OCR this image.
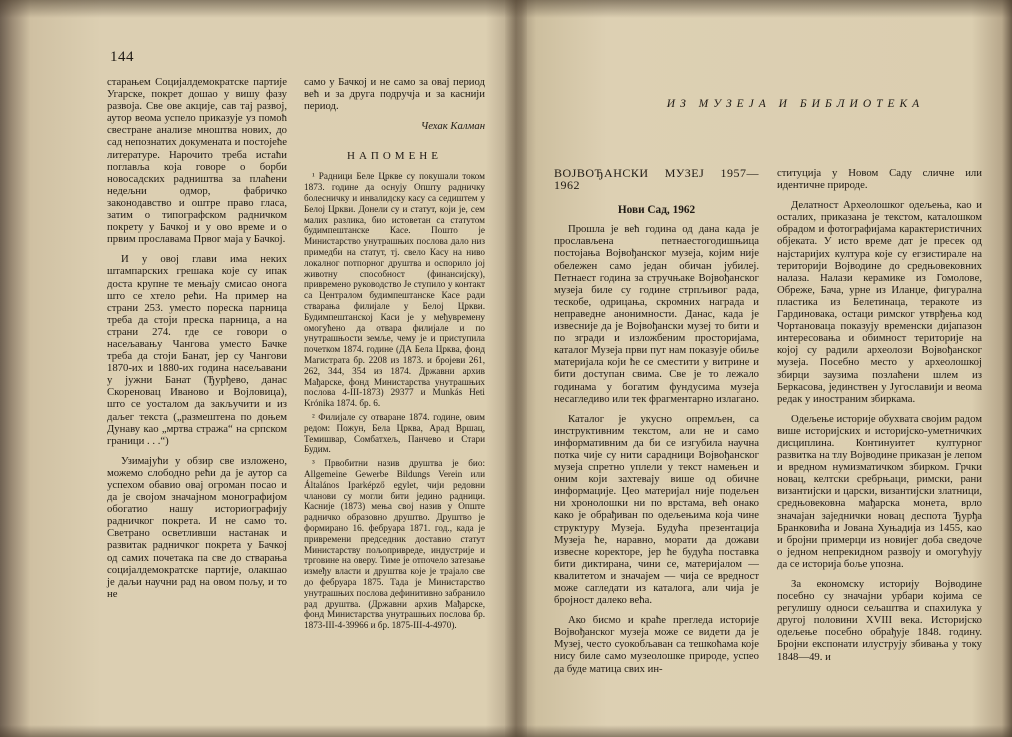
144

старањем Социјалдемократске партије Угарске, покрет дошао у вишу фазу развоја. Све ове акције, сав тај развој, аутор веома успело приказује уз помоћ свестране анализе мноштва нових, до сад непознатих докумената и постојеће литературе. Нарочито треба истаћи поглавља која говоре о борби новосадских радништва за плаћени недељни одмор, фабричко законодавство и оштре право гласа, затим о типографском радничком покрету у Бачкој и у ово време и о првим прославама Првог маја у Бачкој.

И у овој глави има неких штампарских грешака које су ипак доста крупне те мењају смисао онога што се хтело рећи. На пример на страни 253. уместо пореска парница треба да стоји преска парница, а на страни 274. где се говори о насељавању Чангова уместо Бачке треба да стоји Банат, јер су Чангови 1870-их и 1880-их година насељавани у јужни Банат (Ђурђево, данас Скореновац Иваново и Војловица), што се уосталом да закључити и из даљег текста („размештена по доњем Дунаву као „мртва стража“ на српском граници . . .“)

Узимајући у обзир све изложено, можемо слободно рећи да је аутор са успехом обавио овај огроман посао и да је својом значајном монографијом обогатио нашу историографију радничког покрета. И не само то. Светрано осветливши настанак и развитак радничког покрета у Бачкој од самих почетака па све до стварања социјалдемократске партије, олакшао је даљи научни рад на овом пољу, и то не

само у Бачкој и не само за овај период већ и за друга подручја и за каснији период.

Чехак Калман
НАПОМЕНЕ

¹ Радници Беле Цркве су покушали током 1873. године да оснују Општу радничку болесничку и инвалидску касу са седиштем у Белој Цркви. Донели су и статут, који је, сем малих разлика, био истоветан са статутом будимпештанске Касе. Пошто је Министарство унутрашњих послова дало низ примедби на статут, тј. свело Касу на ниво локалног потпорног друштва и оспорило јој животну способност (финансијску), привремено руководство Је ступило у контакт са Централом будимпештанске Касе ради стварања филијале у Белој Цркви. Будимпештанској Каси је у међувремену омогућено да отвара филијале и по унутрашњости земље, чему је и приступила почетком 1874. године (ДА Бела Црква, фонд Магистрата бр. 2208 из 1873. и бројеви 261, 262, 344, 354 из 1874. Државни архив Мађарске, фонд Министарства унутрашњих послова 4-III-1873) 29377 и Munkás Heti Krónika 1874. бр. 6.

² Филијале су отваране 1874. године, овим редом: Пожун, Бела Црква, Арад Вршац, Темишвар, Сомбатхељ, Панчево и Стари Будим.

³ Првобитни назив друштва је био: Allgemeine Gewerbe Bildungs Verein или Általános Iparképző egylet, чији редовни чланови су могли бити једино радници. Касније (1873) мења свој назив у Опште радничко образовно друштво. Друштво је формирано 16. фебруара 1871. год., када је привремени председник доставио статут Министарству пољопривреде, индустрије и трговине на оверу. Тиме је отпочело затезање између власти и друштва које је трајало све до фебруара 1875. Тада је Министарство унутрашњих послова дефинитивно забранило рад друштва. (Државни архив Мађарске, фонд Министарства унутрашњих послова бр. 1873-III-4-39966 и бр. 1875-III-4-4970).

ИЗ МУЗЕЈА И БИБЛИОТЕКА
ВОЈВОЂАНСКИ МУЗЕЈ 1957—1962
Нови Сад, 1962

Прошла је већ година од дана када је прослављена петнаестогодишњица постојања Војвођанског музеја, којим није обележен само један обичан јубилеј. Петнаест година за стручњаке Војвођанског музеја биле су године стрпљивог рада, тескобе, одрицања, скромних награда и неправедне анонимности. Данас, када је извесније да је Војвођански музеј то бити и по згради и изложбеним просторијама, каталог Музеја први пут нам показује обиље материјала који ће се сместити у витрине и бити доступан свима. Све је то лежало годинама у богатим фундусима музеја несагледиво или тек фрагментарно излагано.

Каталог је укусно опремљен, са инструктивним текстом, али не и само информативним да би се изгубила научна потка чије су нити сарадници Војвођанског музеја спретно уплели у текст намењен и оним који захтевају више од обичне информације. Цео материјал није подељен ни хронолошки ни по врстама, већ онако како је обрађиван по одељењима која чине структуру Музеја. Будућа презентација Музеја ће, наравно, морати да дожави извесне коректоре, јер ће будућа поставка бити диктирана, чини се, материјалом — квалитетом и значајем — чија се вредност може сагледати из каталога, али чија је бројност далеко већа.

Ако бисмо и краће прегледа историје Војвођанског музеја може се видети да је Музеј, често суокобљаван са тешкоћама које нису биле само музеолошке природе, успео да буде матица свих ин-

ституција у Новом Саду сличне или идентичне природе.

Делатност Археолошког одељења, као и осталих, приказана је текстом, каталошком обрадом и фотографијама карактеристичних објеката. У исто време дат је пресек од најстаријих култура које су егзистирале на територији Војводине до средњовековних налаза. Налази керамике из Гомоловe, Обреже, Бача, урне из Иланџе, фигурална пластика из Белетинаца, теракоте из Гардиновака, остаци римског утврђења код Чортановаца показују временски дијапазон интересовања и обимност територије на којој су радили археолози Војвођанског музеја. Посебно место у археолошкој збирци заузима позлаћени шлем из Беркасова, јединствен у Југославији и веома редак у иностраним збиркама.

Одељење историје обухвата својим радом више историјских и историјско-уметничких дисциплина. Континуитет културног развитка на тлу Војводине приказан је лепом и вредном нумизматичком збирком. Грчки новац, келтски сребрњаци, римски, рани византијски и царски, византијски златници, средњовековна мађарска монета, врло значајан заједнички новац деспота Ђурђа Бранковића и Јована Хуњадија из 1455, као и бројни примерци из новијег доба сведоче о једном непрекидном развоју и омогућују да се историја боље упозна.

За економску историју Војводине посебно су значајни урбари којима се регулишу односи сељаштва и спахилука у другој половини XVIII века. Историјско одељење посебно обрађује 1848. годину. Бројни експонати илуструју збивања у току 1848—49. и
